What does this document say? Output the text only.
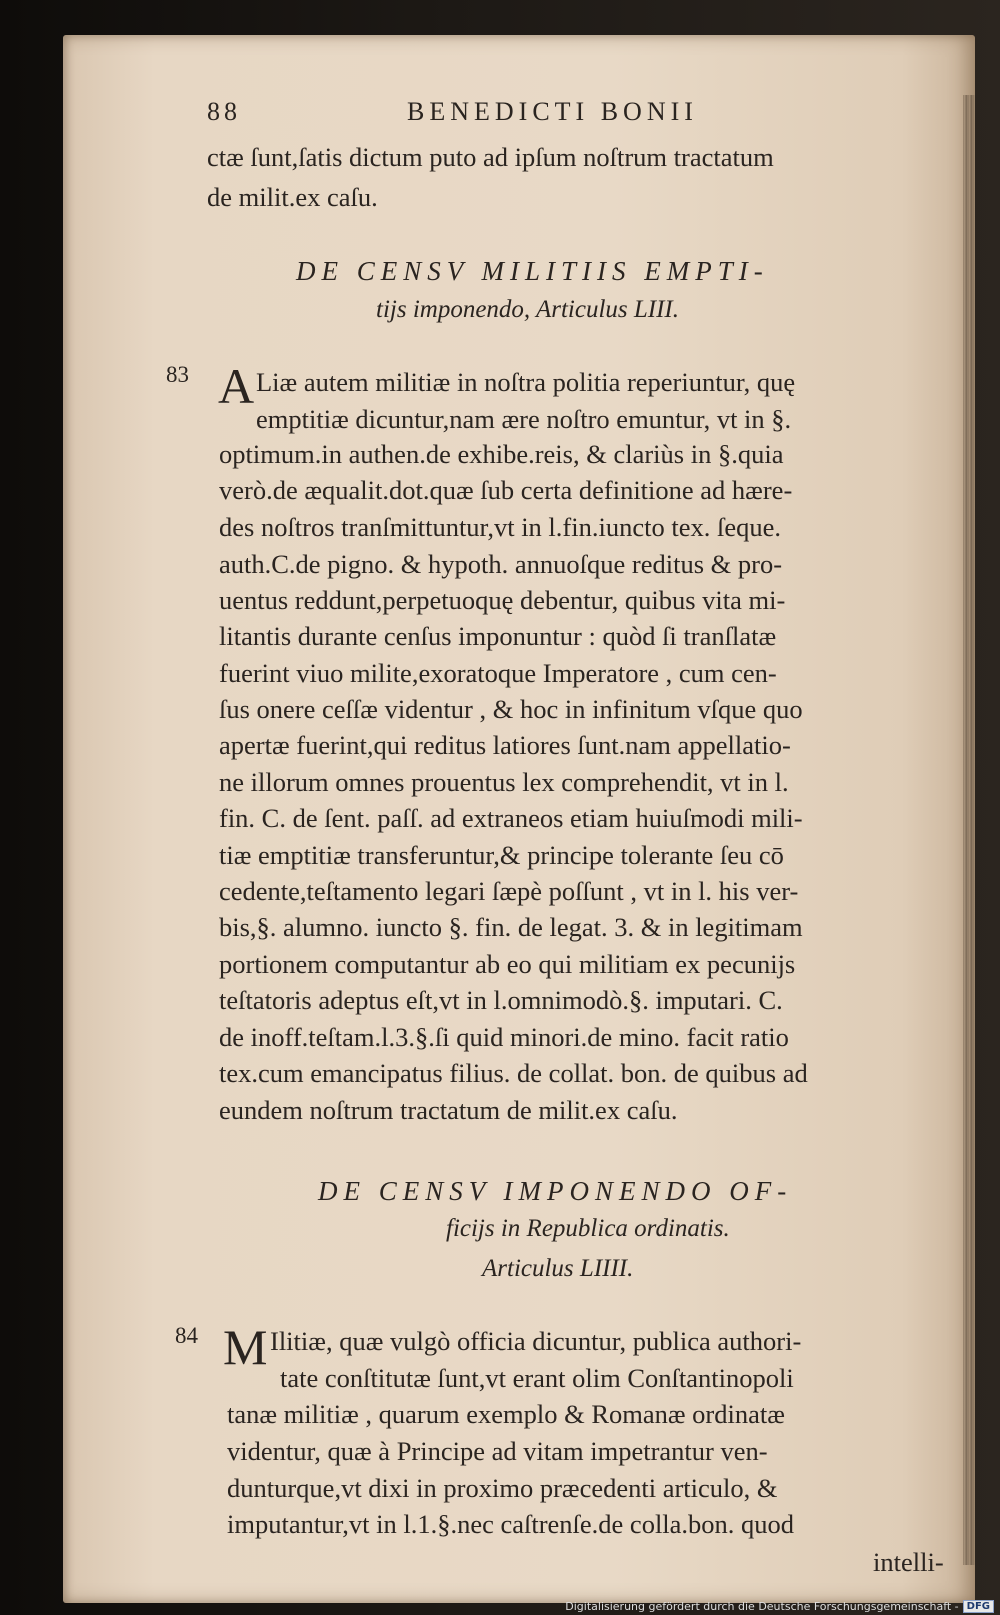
88	BENEDICTI BONII
ctæ ſunt,ſatis dictum puto ad ipſum noſtrum tractatum
de milit.ex caſu.
DE CENSV MILITIIS EMPTI-
tijs imponendo, Articulus LIII.
83 A Liæ autem militiæ in noſtra politia reperiuntur, quę
emptitiæ dicuntur,nam ære noſtro emuntur, vt in §.
optimum.in authen.de exhibe.reis, & clariùs in §.quia
verò.de æqualit.dot.quæ ſub certa definitione ad hære-
des noſtros tranſmittuntur,vt in l.fin.iuncto tex. ſeque.
auth.C.de pigno. & hypoth. annuoſque reditus & pro-
uentus reddunt,perpetuoquę debentur, quibus vita mi-
litantis durante cenſus imponuntur : quòd ſi tranſlatæ
fuerint viuo milite,exoratoque Imperatore , cum cen-
ſus onere ceſſæ videntur , & hoc in infinitum vſque quo
apertæ fuerint,qui reditus latiores ſunt.nam appellatio-
ne illorum omnes prouentus lex comprehendit, vt in l.
fin. C. de ſent. paſſ. ad extraneos etiam huiuſmodi mili-
tiæ emptitiæ transferuntur,& principe tolerante ſeu cō
cedente,teſtamento legari ſæpè poſſunt , vt in l. his ver-
bis,§. alumno. iuncto §. fin. de legat. 3. & in legitimam
portionem computantur ab eo qui militiam ex pecunijs
teſtatoris adeptus eſt,vt in l.omnimodò.§. imputari. C.
de inoff.teſtam.l.3.§.ſi quid minori.de mino. facit ratio
tex.cum emancipatus filius. de collat. bon. de quibus ad
eundem noſtrum tractatum de milit.ex caſu.
DE CENSV IMPONENDO OF-
ficijs in Republica ordinatis.
Articulus LIIII.
84 M Ilitiæ, quæ vulgò officia dicuntur, publica authori-
tate conſtitutæ ſunt,vt erant olim Conſtantinopoli
tanæ militiæ , quarum exemplo & Romanæ ordinatæ
videntur, quæ à Principe ad vitam impetrantur ven-
dunturque,vt dixi in proximo præcedenti articulo, &
imputantur,vt in l.1.§.nec caſtrenſe.de colla.bon. quod
intelli-
Digitalisierung gefördert durch die Deutsche Forschungsgemeinschaft - DFG
